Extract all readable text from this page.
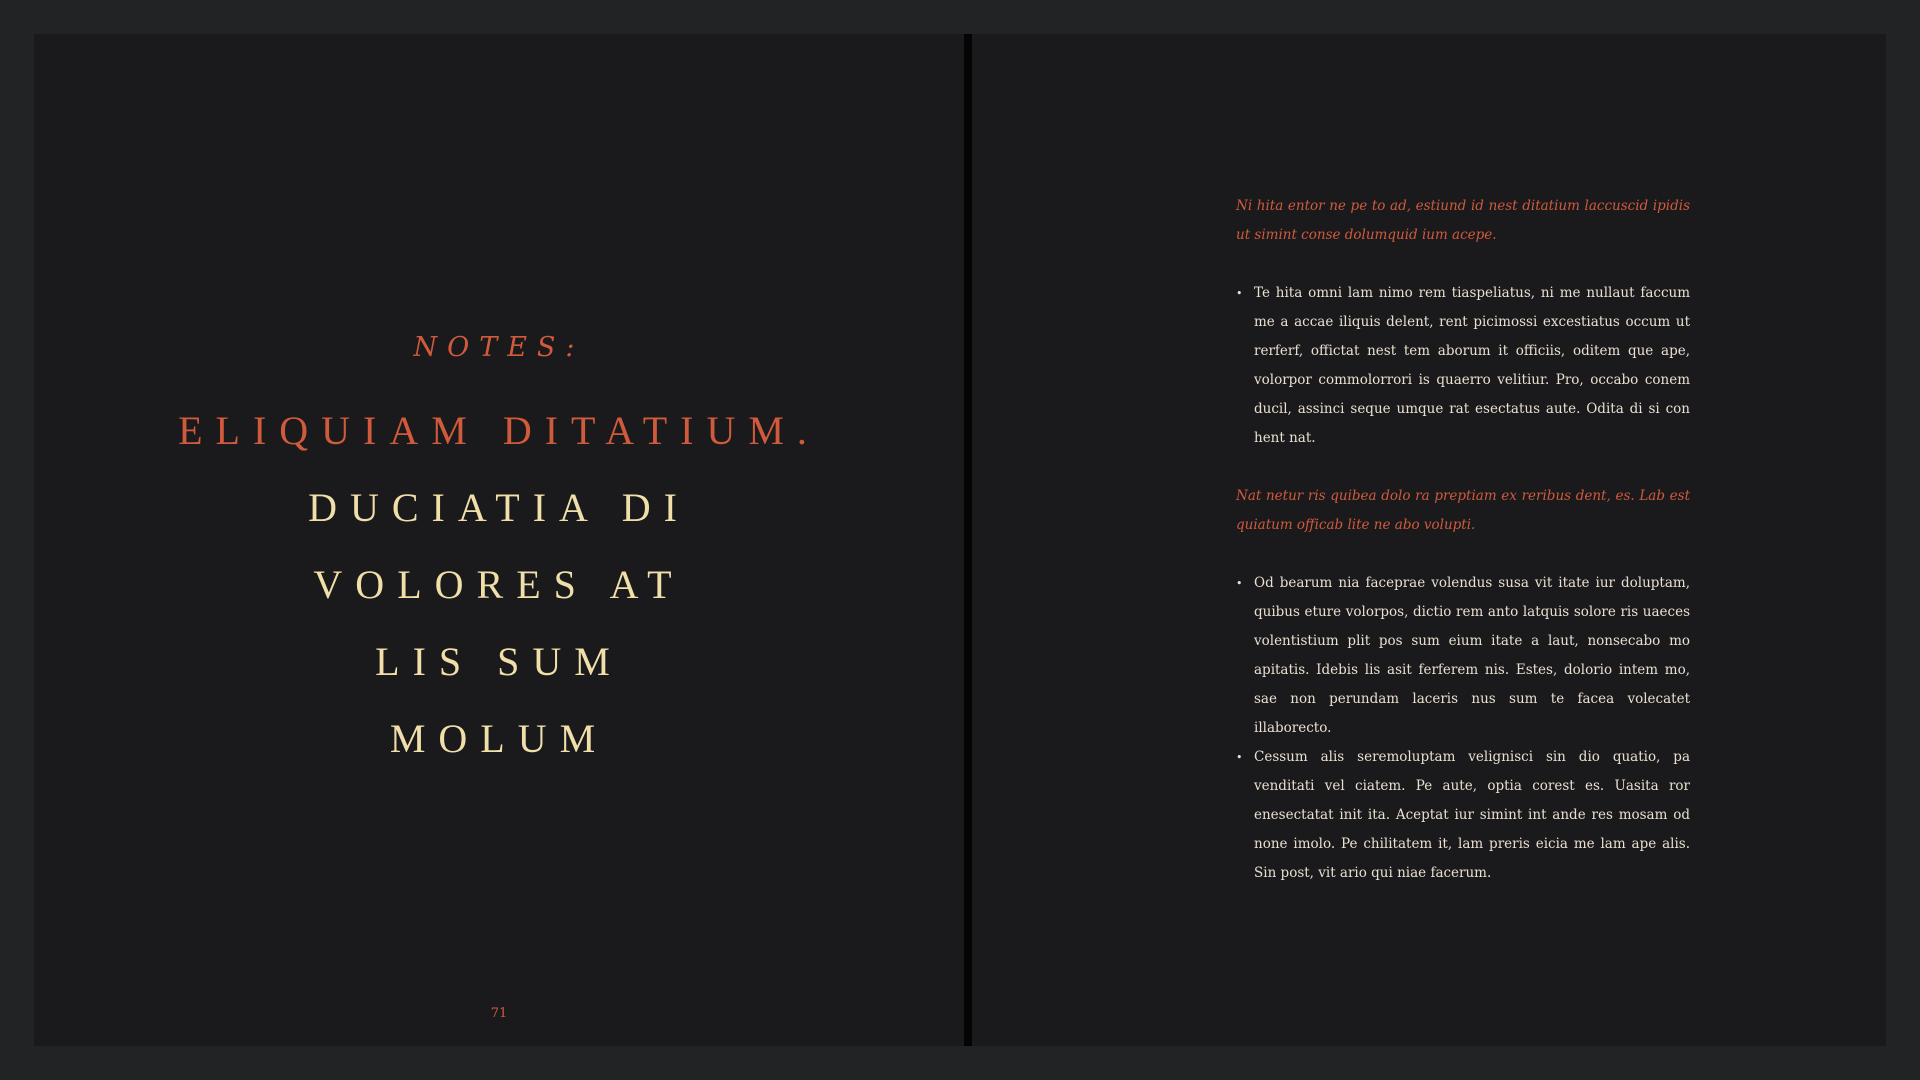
NOTES:
ELIQUIAM DITATIUM.
DUCIATIA DI
VOLORES AT
LIS SUM
MOLUM
71

Ni hita entor ne pe to ad, estiund id nest ditatium laccuscid ipidis ut simint conse dolumquid ium acepe.

• Te hita omni lam nimo rem tiaspeliatus, ni me nullaut faccum me a accae iliquis delent, rent picimossi excestiatus occum ut rerferf, offictat nest tem aborum it officiis, oditem que ape, volorpor commolorrori is quaerro velitiur. Pro, occabo conem ducil, assinci seque umque rat esectatus aute. Odita di si con hent nat.

Nat netur ris quibea dolo ra preptiam ex reribus dent, es. Lab est quiatum officab lite ne abo volupti.

• Od bearum nia faceprae volendus susa vit itate iur doluptam, quibus eture volorpos, dictio rem anto latquis solore ris uaeces volentistium plit pos sum eium itate a laut, nonsecabo mo apitatis. Idebis lis asit ferferem nis. Estes, dolorio intem mo, sae non perundam laceris nus sum te facea volecatet illaborecto.
• Cessum alis seremoluptam velignisci sin dio quatio, pa venditati vel ciatem. Pe aute, optia corest es. Uasita ror enesectatat init ita. Aceptat iur simint int ande res mosam od none imolo. Pe chilitatem it, lam preris eicia me lam ape alis. Sin post, vit ario qui niae facerum.
